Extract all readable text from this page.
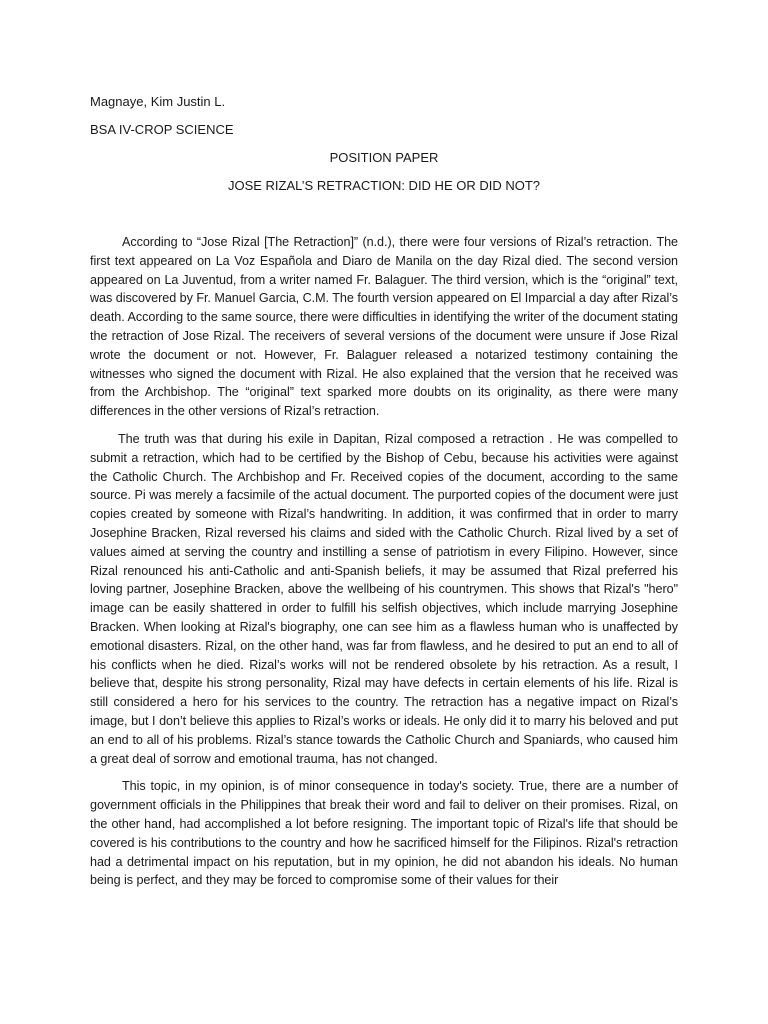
Magnaye, Kim Justin L.

BSA IV-CROP SCIENCE

POSITION PAPER

JOSE RIZAL’S RETRACTION: DID HE OR DID NOT?

According to “Jose Rizal [The Retraction]” (n.d.), there were four versions of Rizal’s retraction. The first text appeared on La Voz Española and Diaro de Manila on the day Rizal died. The second version appeared on La Juventud, from a writer named Fr. Balaguer. The third version, which is the “original” text, was discovered by Fr. Manuel Garcia, C.M. The fourth version appeared on El Imparcial a day after Rizal’s death. According to the same source, there were difficulties in identifying the writer of the document stating the retraction of Jose Rizal. The receivers of several versions of the document were unsure if Jose Rizal wrote the document or not. However, Fr. Balaguer released a notarized testimony containing the witnesses who signed the document with Rizal. He also explained that the version that he received was from the Archbishop. The “original” text sparked more doubts on its originality, as there were many differences in the other versions of Rizal’s retraction.

The truth was that during his exile in Dapitan, Rizal composed a retraction . He was compelled to submit a retraction, which had to be certified by the Bishop of Cebu, because his activities were against the Catholic Church. The Archbishop and Fr. Received copies of the document, according to the same source. Pi was merely a facsimile of the actual document. The purported copies of the document were just copies created by someone with Rizal’s handwriting. In addition, it was confirmed that in order to marry Josephine Bracken, Rizal reversed his claims and sided with the Catholic Church. Rizal lived by a set of values aimed at serving the country and instilling a sense of patriotism in every Filipino. However, since Rizal renounced his anti-Catholic and anti-Spanish beliefs, it may be assumed that Rizal preferred his loving partner, Josephine Bracken, above the wellbeing of his countrymen. This shows that Rizal's "hero" image can be easily shattered in order to fulfill his selfish objectives, which include marrying Josephine Bracken. When looking at Rizal's biography, one can see him as a flawless human who is unaffected by emotional disasters. Rizal, on the other hand, was far from flawless, and he desired to put an end to all of his conflicts when he died. Rizal’s works will not be rendered obsolete by his retraction. As a result, I believe that, despite his strong personality, Rizal may have defects in certain elements of his life. Rizal is still considered a hero for his services to the country. The retraction has a negative impact on Rizal’s image, but I don’t believe this applies to Rizal’s works or ideals. He only did it to marry his beloved and put an end to all of his problems. Rizal’s stance towards the Catholic Church and Spaniards, who caused him a great deal of sorrow and emotional trauma, has not changed.

This topic, in my opinion, is of minor consequence in today's society. True, there are a number of government officials in the Philippines that break their word and fail to deliver on their promises. Rizal, on the other hand, had accomplished a lot before resigning. The important topic of Rizal's life that should be covered is his contributions to the country and how he sacrificed himself for the Filipinos. Rizal's retraction had a detrimental impact on his reputation, but in my opinion, he did not abandon his ideals. No human being is perfect, and they may be forced to compromise some of their values for their
